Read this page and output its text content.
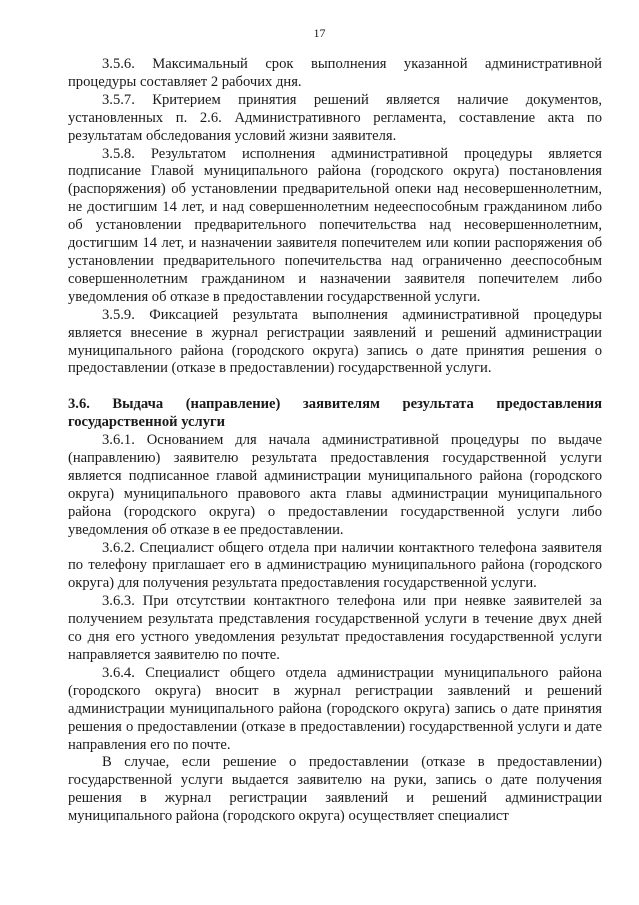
17

3.5.6. Максимальный срок выполнения указанной административной процедуры составляет 2 рабочих дня.

3.5.7. Критерием принятия решений является наличие документов, установленных п. 2.6. Административного регламента, составление акта по результатам обследования условий жизни заявителя.

3.5.8. Результатом исполнения административной процедуры является подписание Главой муниципального района (городского округа) постановления (распоряжения) об установлении предварительной опеки над несовершеннолетним, не достигшим 14 лет, и над совершеннолетним недееспособным гражданином либо об установлении предварительного попечительства над несовершеннолетним, достигшим 14 лет, и назначении заявителя попечителем или копии распоряжения об установлении предварительного попечительства над ограниченно дееспособным совершеннолетним гражданином и назначении заявителя попечителем либо уведомления об отказе в предоставлении государственной услуги.

3.5.9. Фиксацией результата выполнения административной процедуры является внесение в журнал регистрации заявлений и решений администрации муниципального района (городского округа) запись о дате принятия решения о предоставлении (отказе в предоставлении) государственной услуги.

3.6. Выдача (направление) заявителям результата предоставления государственной услуги

3.6.1. Основанием для начала административной процедуры по выдаче (направлению) заявителю результата предоставления государственной услуги является подписанное главой администрации муниципального района (городского округа) муниципального правового акта главы администрации муниципального района (городского округа) о предоставлении государственной услуги либо уведомления об отказе в ее предоставлении.

3.6.2. Специалист общего отдела при наличии контактного телефона заявителя по телефону приглашает его в администрацию муниципального района (городского округа) для получения результата предоставления государственной услуги.

3.6.3. При отсутствии контактного телефона или при неявке заявителей за получением результата представления государственной услуги в течение двух дней со дня его устного уведомления результат предоставления государственной услуги направляется заявителю по почте.

3.6.4. Специалист общего отдела администрации муниципального района (городского округа) вносит в журнал регистрации заявлений и решений администрации муниципального района (городского округа) запись о дате принятия решения о предоставлении (отказе в предоставлении) государственной услуги и дате направления его по почте.

В случае, если решение о предоставлении (отказе в предоставлении) государственной услуги выдается заявителю на руки, запись о дате получения решения в журнал регистрации заявлений и решений администрации муниципального района (городского округа) осуществляет специалист
